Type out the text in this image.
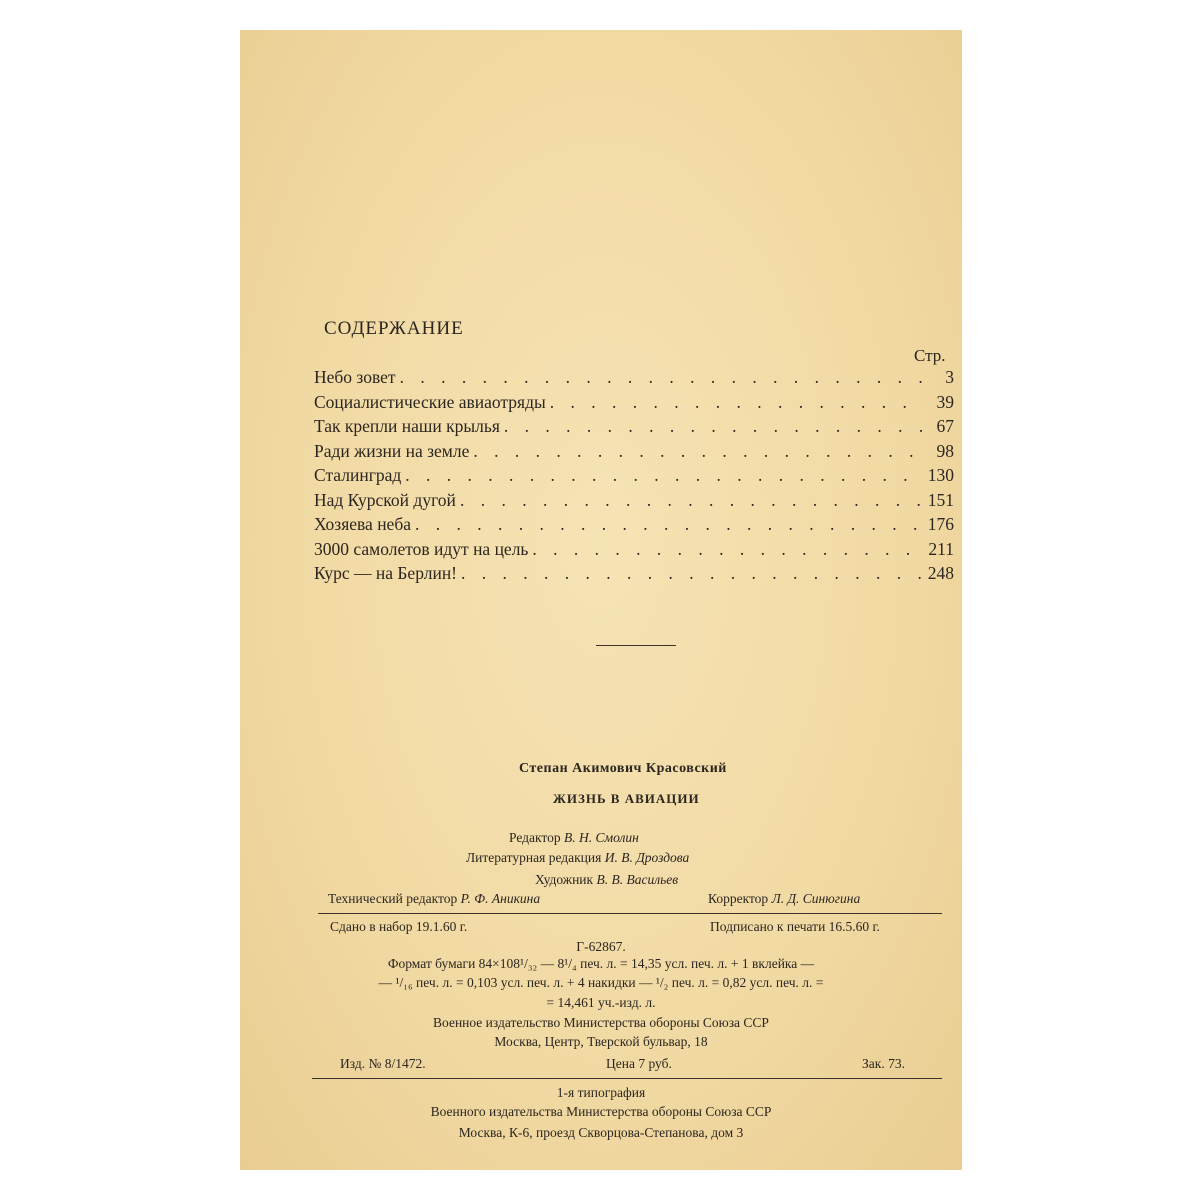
СОДЕРЖАНИЕ
Стр.
Небо зовет . . .	3
Социалистические авиаотряды . . .	39
Так крепли наши крылья . . .	67
Ради жизни на земле . . .	98
Сталинград . . .	130
Над Курской дугой . . .	151
Хозяева неба . . .	176
3000 самолетов идут на цель . . .	211
Курс — на Берлин! . . .	248
Степан Акимович Красовский
ЖИЗНЬ В АВИАЦИИ
Редактор В. Н. Смолин
Литературная редакция И. В. Дроздова
Художник В. В. Васильев
Технический редактор Р. Ф. Аникина	Корректор Л. Д. Синюгина
Сдано в набор 19.1.60 г.	Подписано к печати 16.5.60 г.
Г-62867.
Формат бумаги 84×108¹/₃₂ — 8¹/₄ печ. л. = 14,35 усл. печ. л. + 1 вклейка —
— ¹/₁₆ печ. л. = 0,103 усл. печ. л. + 4 накидки — ¹/₂ печ. л. = 0,82 усл. печ. л. =
= 14,461 уч.-изд. л.
Военное издательство Министерства обороны Союза ССР
Москва, Центр, Тверской бульвар, 18
Изд. № 8/1472.	Цена 7 руб.	Зак. 73.
1-я типография
Военного издательства Министерства обороны Союза ССР
Москва, К-6, проезд Скворцова-Степанова, дом 3
